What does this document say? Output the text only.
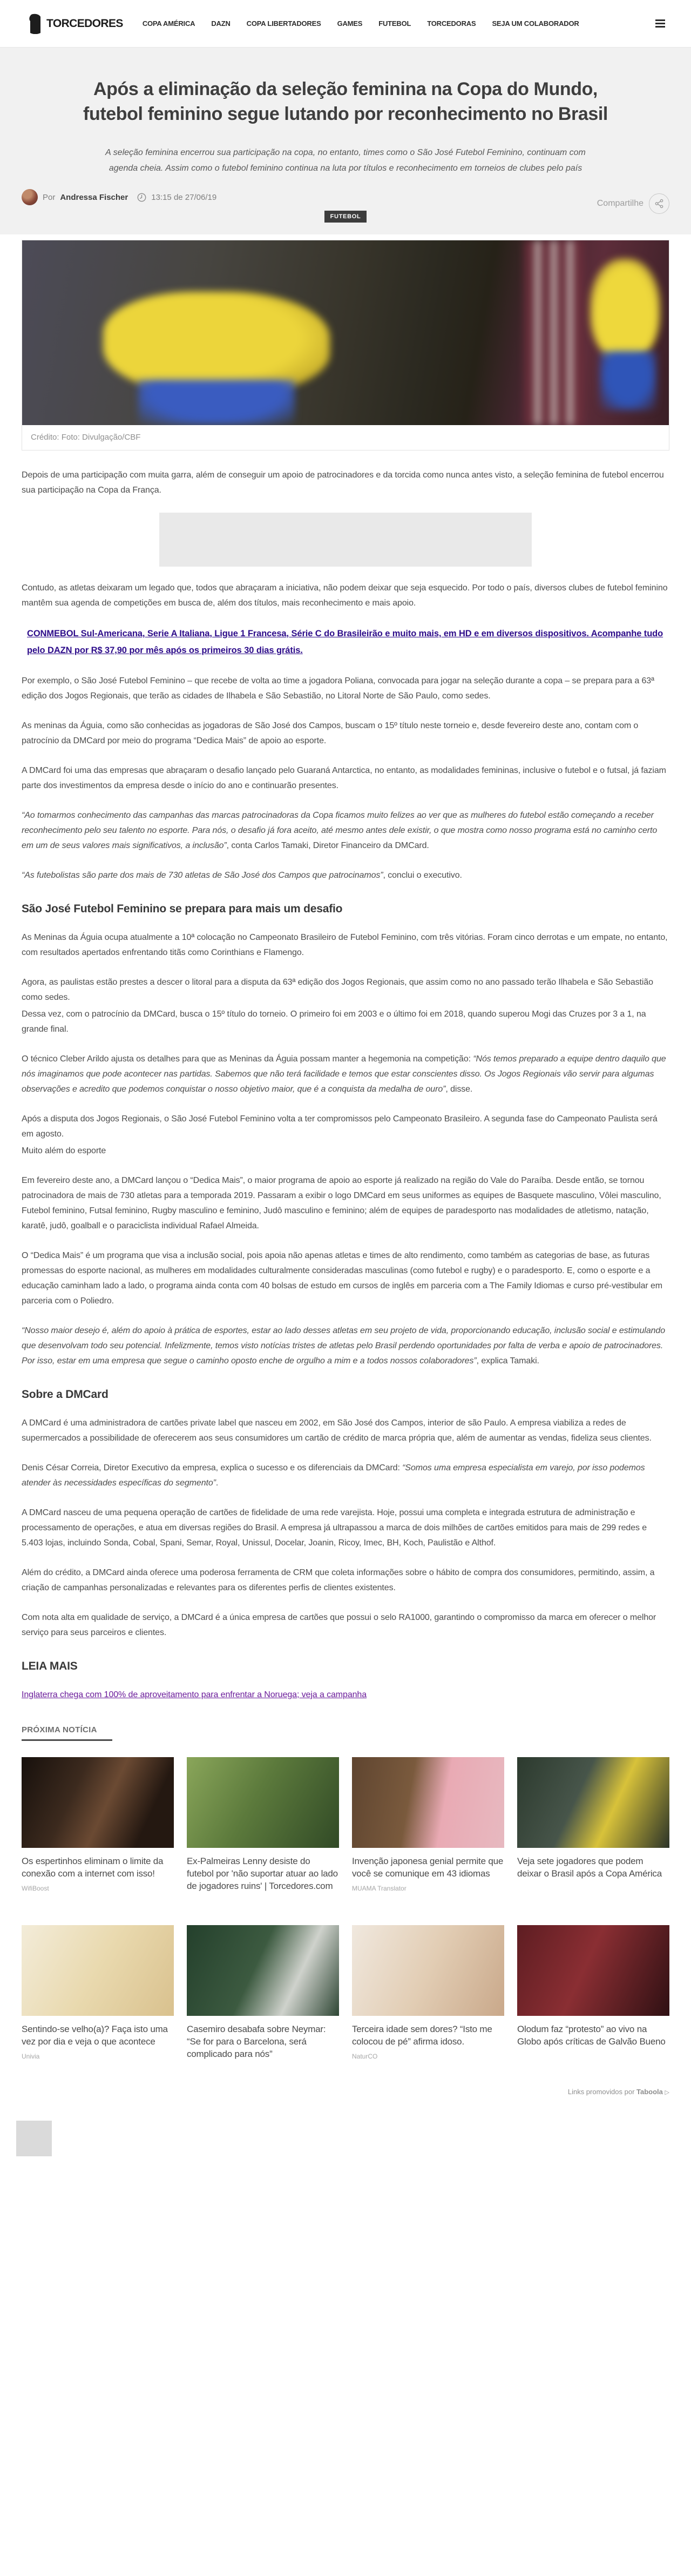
TORCEDORES	COPA AMÉRICA DAZN COPA LIBERTADORES GAMES FUTEBOL TORCEDORAS SEJA UM COLABORADOR
Após a eliminação da seleção feminina na Copa do Mundo, futebol feminino segue lutando por reconhecimento no Brasil

A seleção feminina encerrou sua participação na copa, no entanto, times como o São José Futebol Feminino, continuam com agenda cheia. Assim como o futebol feminino continua na luta por títulos e reconhecimento em torneios de clubes pelo país

Por Andressa Fischer	13:15 de 27/06/19
Compartilhe
FUTEBOL
Crédito: Foto: Divulgação/CBF

Depois de uma participação com muita garra, além de conseguir um apoio de patrocinadores e da torcida como nunca antes visto, a seleção feminina de futebol encerrou sua participação na Copa da França.

Contudo, as atletas deixaram um legado que, todos que abraçaram a iniciativa, não podem deixar que seja esquecido. Por todo o país, diversos clubes de futebol feminino mantêm sua agenda de competições em busca de, além dos títulos, mais reconhecimento e mais apoio.

CONMEBOL Sul-Americana, Serie A Italiana, Ligue 1 Francesa, Série C do Brasileirão e muito mais, em HD e em diversos dispositivos. Acompanhe tudo pelo DAZN por R$ 37,90 por mês após os primeiros 30 dias grátis.

Por exemplo, o São José Futebol Feminino – que recebe de volta ao time a jogadora Poliana, convocada para jogar na seleção durante a copa – se prepara para a 63ª edição dos Jogos Regionais, que terão as cidades de Ilhabela e São Sebastião, no Litoral Norte de São Paulo, como sedes.

As meninas da Águia, como são conhecidas as jogadoras de São José dos Campos, buscam o 15º título neste torneio e, desde fevereiro deste ano, contam com o patrocínio da DMCard por meio do programa “Dedica Mais” de apoio ao esporte.

A DMCard foi uma das empresas que abraçaram o desafio lançado pelo Guaraná Antarctica, no entanto, as modalidades femininas, inclusive o futebol e o futsal, já faziam parte dos investimentos da empresa desde o início do ano e continuarão presentes.

“Ao tomarmos conhecimento das campanhas das marcas patrocinadoras da Copa ficamos muito felizes ao ver que as mulheres do futebol estão começando a receber reconhecimento pelo seu talento no esporte. Para nós, o desafio já fora aceito, até mesmo antes dele existir, o que mostra como nosso programa está no caminho certo em um de seus valores mais significativos, a inclusão”, conta Carlos Tamaki, Diretor Financeiro da DMCard.

“As futebolistas são parte dos mais de 730 atletas de São José dos Campos que patrocinamos”, conclui o executivo.

São José Futebol Feminino se prepara para mais um desafio

As Meninas da Águia ocupa atualmente a 10ª colocação no Campeonato Brasileiro de Futebol Feminino, com três vitórias. Foram cinco derrotas e um empate, no entanto, com resultados apertados enfrentando titãs como Corinthians e Flamengo.

Agora, as paulistas estão prestes a descer o litoral para a disputa da 63ª edição dos Jogos Regionais, que assim como no ano passado terão Ilhabela e São Sebastião como sedes.

Dessa vez, com o patrocínio da DMCard, busca o 15º título do torneio. O primeiro foi em 2003 e o último foi em 2018, quando superou Mogi das Cruzes por 3 a 1, na grande final.

O técnico Cleber Arildo ajusta os detalhes para que as Meninas da Águia possam manter a hegemonia na competição: “Nós temos preparado a equipe dentro daquilo que nós imaginamos que pode acontecer nas partidas. Sabemos que não terá facilidade e temos que estar conscientes disso. Os Jogos Regionais vão servir para algumas observações e acredito que podemos conquistar o nosso objetivo maior, que é a conquista da medalha de ouro”, disse.

Após a disputa dos Jogos Regionais, o São José Futebol Feminino volta a ter compromissos pelo Campeonato Brasileiro. A segunda fase do Campeonato Paulista será em agosto.

Muito além do esporte

Em fevereiro deste ano, a DMCard lançou o “Dedica Mais”, o maior programa de apoio ao esporte já realizado na região do Vale do Paraíba. Desde então, se tornou patrocinadora de mais de 730 atletas para a temporada 2019. Passaram a exibir o logo DMCard em seus uniformes as equipes de Basquete masculino, Vôlei masculino, Futebol feminino, Futsal feminino, Rugby masculino e feminino, Judô masculino e feminino; além de equipes de paradesporto nas modalidades de atletismo, natação, karatê, judô, goalball e o paraciclista individual Rafael Almeida.

O “Dedica Mais” é um programa que visa a inclusão social, pois apoia não apenas atletas e times de alto rendimento, como também as categorias de base, as futuras promessas do esporte nacional, as mulheres em modalidades culturalmente consideradas masculinas (como futebol e rugby) e o paradesporto. E, como o esporte e a educação caminham lado a lado, o programa ainda conta com 40 bolsas de estudo em cursos de inglês em parceria com a The Family Idiomas e curso pré-vestibular em parceria com o Poliedro.

“Nosso maior desejo é, além do apoio à prática de esportes, estar ao lado desses atletas em seu projeto de vida, proporcionando educação, inclusão social e estimulando que desenvolvam todo seu potencial. Infelizmente, temos visto notícias tristes de atletas pelo Brasil perdendo oportunidades por falta de verba e apoio de patrocinadores. Por isso, estar em uma empresa que segue o caminho oposto enche de orgulho a mim e a todos nossos colaboradores”, explica Tamaki.

Sobre a DMCard

A DMCard é uma administradora de cartões private label que nasceu em 2002, em São José dos Campos, interior de são Paulo. A empresa viabiliza a redes de supermercados a possibilidade de oferecerem aos seus consumidores um cartão de crédito de marca própria que, além de aumentar as vendas, fideliza seus clientes.

Denis César Correia, Diretor Executivo da empresa, explica o sucesso e os diferenciais da DMCard: “Somos uma empresa especialista em varejo, por isso podemos atender às necessidades específicas do segmento”.

A DMCard nasceu de uma pequena operação de cartões de fidelidade de uma rede varejista. Hoje, possui uma completa e integrada estrutura de administração e processamento de operações, e atua em diversas regiões do Brasil. A empresa já ultrapassou a marca de dois milhões de cartões emitidos para mais de 299 redes e 5.403 lojas, incluindo Sonda, Cobal, Spani, Semar, Royal, Unissul, Docelar, Joanin, Ricoy, Imec, BH, Koch, Paulistão e Althof.

Além do crédito, a DMCard ainda oferece uma poderosa ferramenta de CRM que coleta informações sobre o hábito de compra dos consumidores, permitindo, assim, a criação de campanhas personalizadas e relevantes para os diferentes perfis de clientes existentes.

Com nota alta em qualidade de serviço, a DMCard é a única empresa de cartões que possui o selo RA1000, garantindo o compromisso da marca em oferecer o melhor serviço para seus parceiros e clientes.

LEIA MAIS

Inglaterra chega com 100% de aproveitamento para enfrentar a Noruega; veja a campanha

PRÓXIMA NOTÍCIA
Os espertinhos eliminam o limite da conexão com a internet com isso!
WifiBoost
Ex-Palmeiras Lenny desiste do futebol por 'não suportar atuar ao lado de jogadores ruins' | Torcedores.com
Invenção japonesa genial permite que você se comunique em 43 idiomas
MUAMA Translator
Veja sete jogadores que podem deixar o Brasil após a Copa América
Sentindo-se velho(a)? Faça isto uma vez por dia e veja o que acontece
Univia
Casemiro desabafa sobre Neymar: “Se for para o Barcelona, será complicado para nós”
Terceira idade sem dores? “Isto me colocou de pé” afirma idoso.
NaturCO
Olodum faz “protesto” ao vivo na Globo após críticas de Galvão Bueno
Links promovidos por Taboola ▷
